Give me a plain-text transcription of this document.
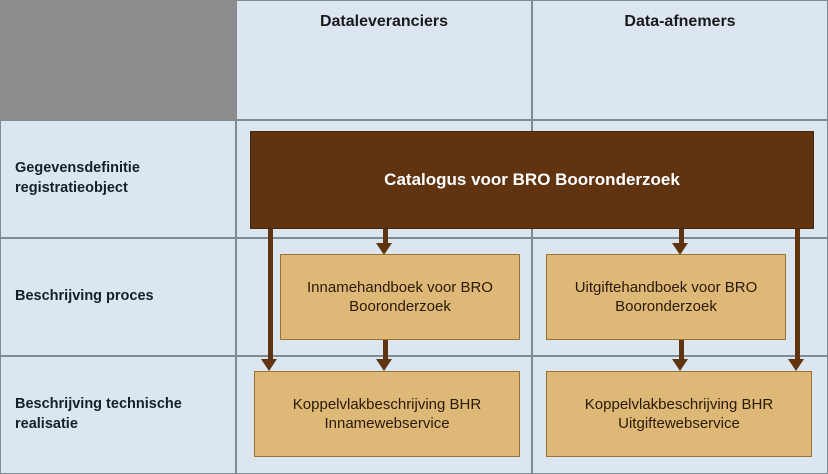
Dataleveranciers	Data-afnemers
Gegevensdefinitie registratieobject
Beschrijving proces
Beschrijving technische realisatie
Catalogus voor BRO Booronderzoek
Innamehandboek voor BRO Booronderzoek
Uitgiftehandboek voor BRO Booronderzoek
Koppelvlakbeschrijving BHR Innamewebservice
Koppelvlakbeschrijving BHR Uitgiftewebservice
